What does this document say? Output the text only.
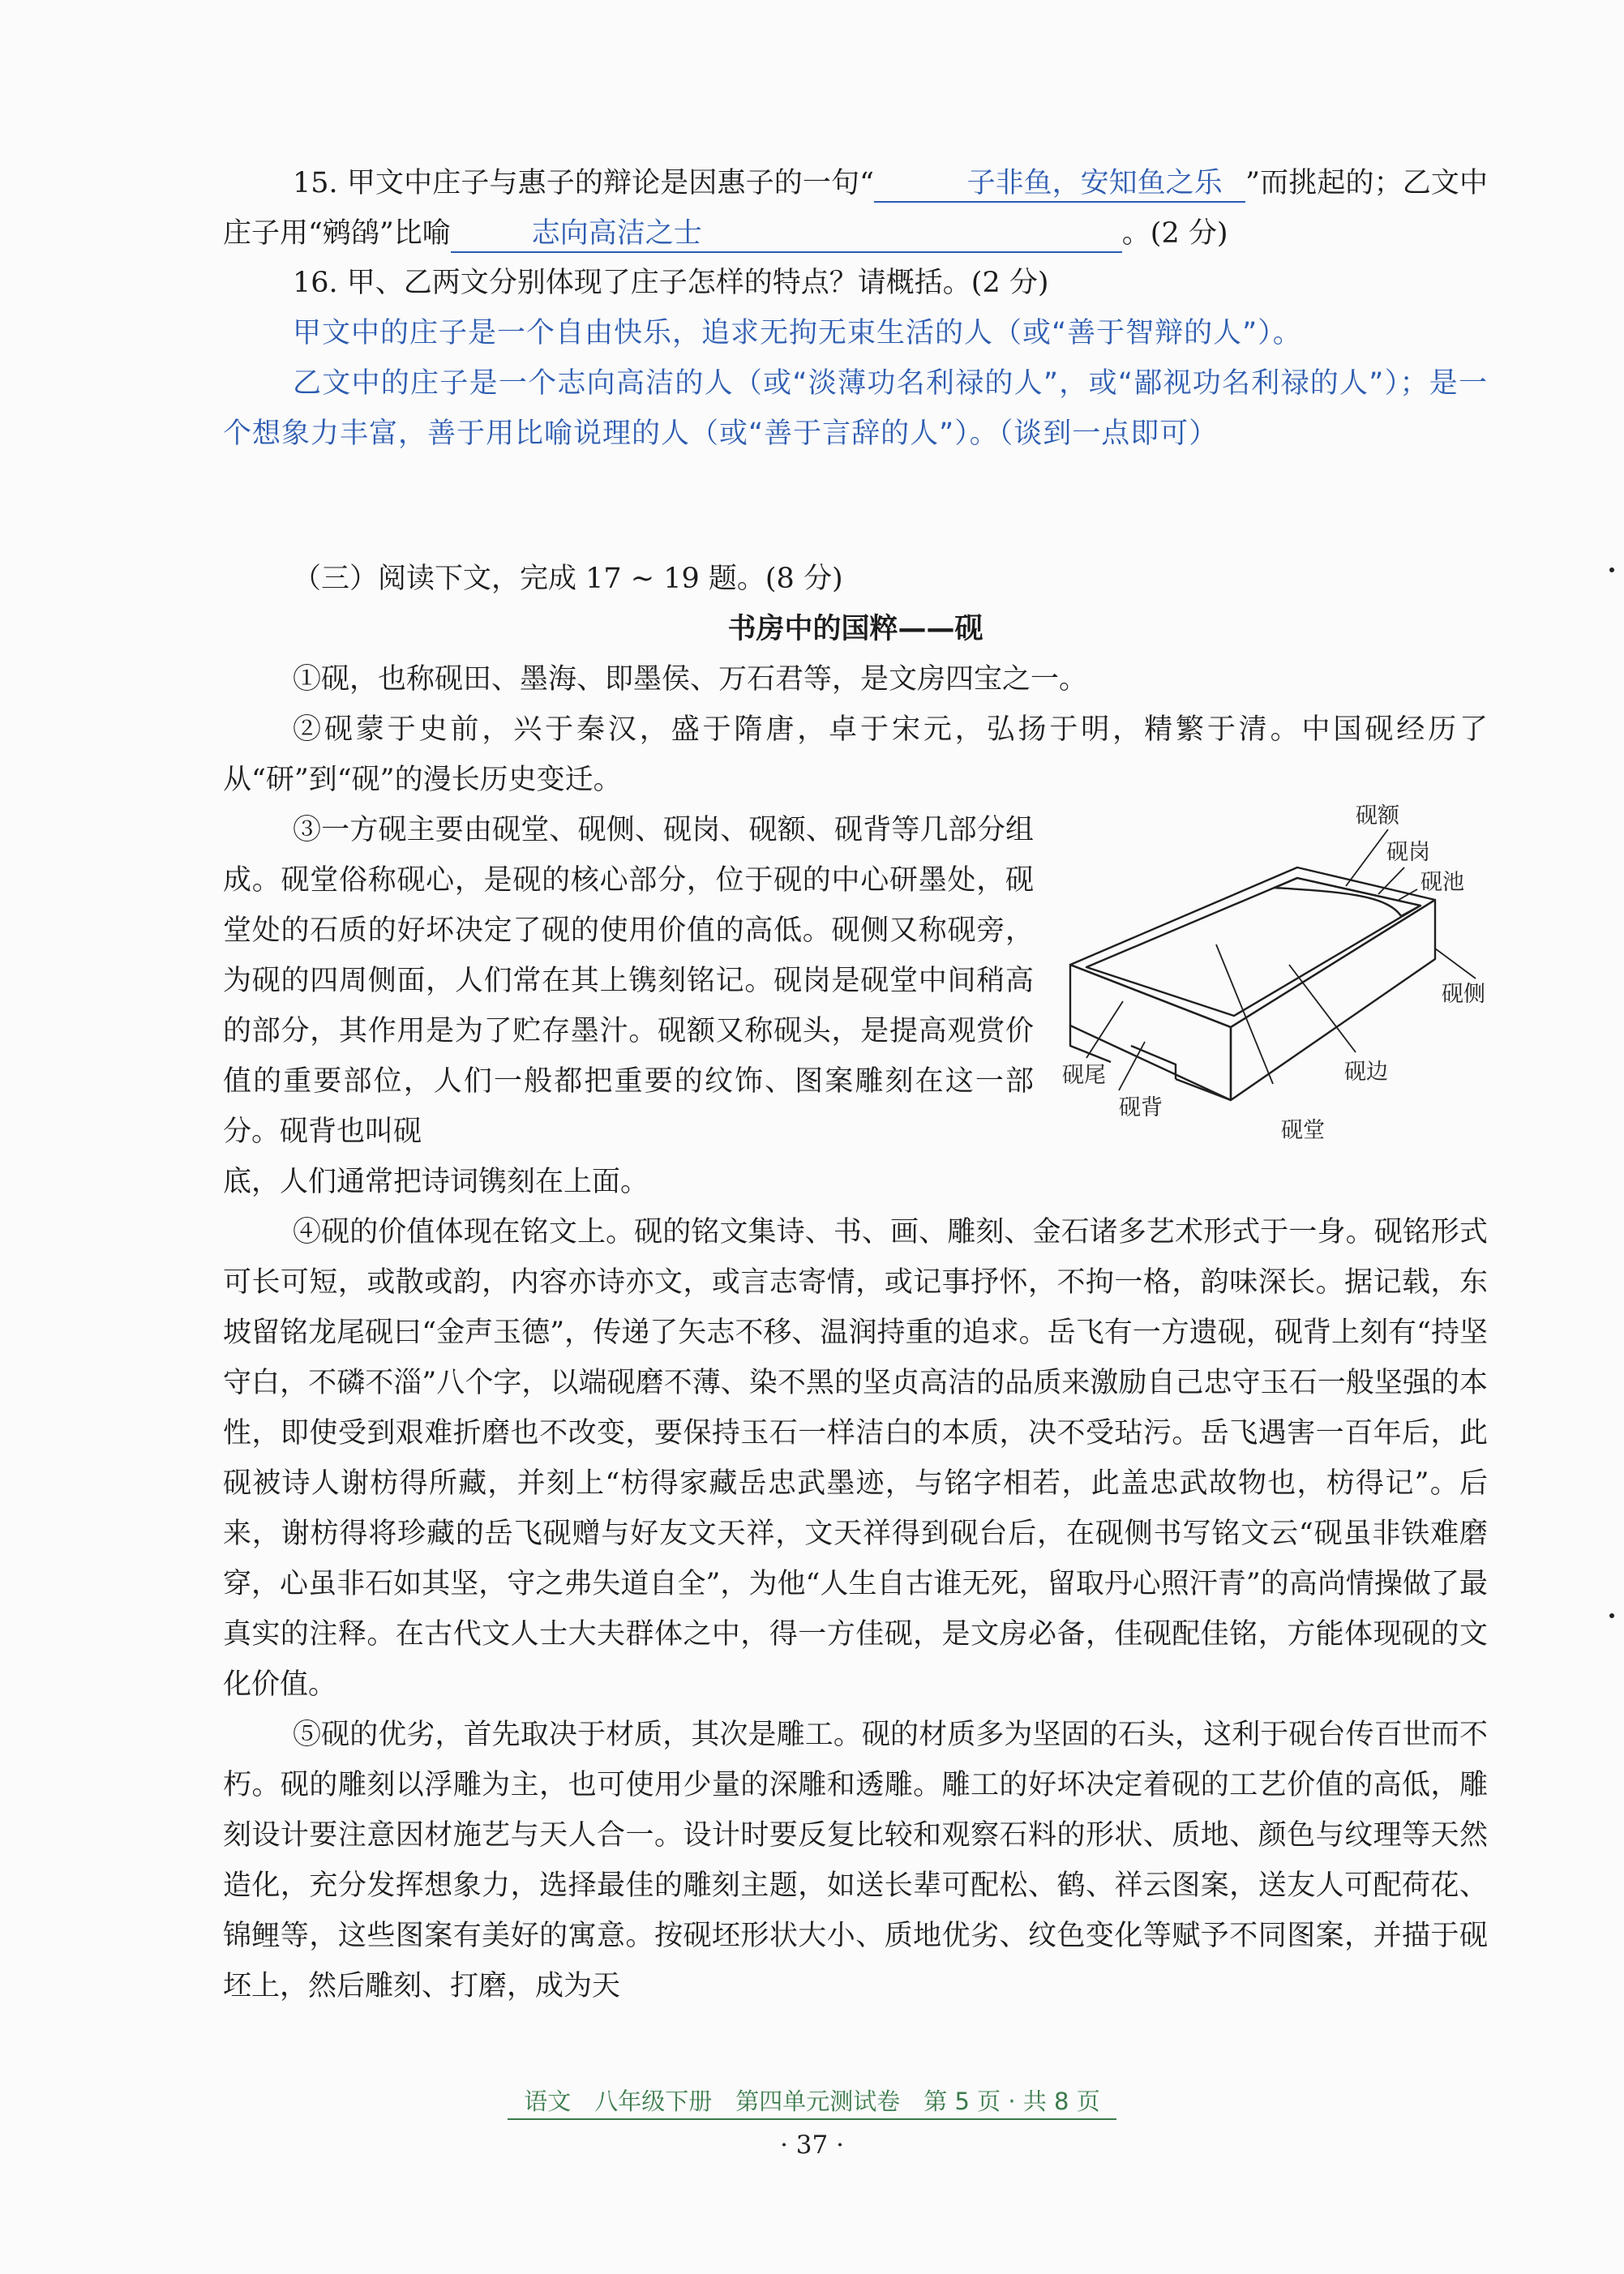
15. 甲文中庄子与惠子的辩论是因惠子的一句“	子非鱼，安知鱼之乐 ”而挑起的；乙文中庄子用“鹓鹐”比喻	志向高洁之士	。(2 分)

16. 甲、乙两文分别体现了庄子怎样的特点？请概括。(2 分)

甲文中的庄子是一个自由快乐，追求无拘无束生活的人（或“善于智辩的人”）。

乙文中的庄子是一个志向高洁的人（或“淡薄功名利禄的人”，或“鄙视功名利禄的人”）；是一个想象力丰富，善于用比喻说理的人（或“善于言辞的人”）。（谈到一点即可）

（三）阅读下文，完成 17 ~ 19 题。(8 分)

书房中的国粹——砚

①砚，也称砚田、墨海、即墨侯、万石君等，是文房四宝之一。

②砚蒙于史前，兴于秦汉，盛于隋唐，卓于宋元，弘扬于明，精繁于清。中国砚经历了从“研”到“砚”的漫长历史变迁。

③一方砚主要由砚堂、砚侧、砚岗、砚额、砚背等几部分组成。砚堂俗称砚心，是砚的核心部分，位于砚的中心研墨处，砚堂处的石质的好坏决定了砚的使用价值的高低。砚侧又称砚旁，为砚的四周侧面，人们常在其上镌刻铭记。砚岗是砚堂中间稍高的部分，其作用是为了贮存墨汁。砚额又称砚头，是提高观赏价值的重要部位，人们一般都把重要的纹饰、图案雕刻在这一部分。砚背也叫砚

底，人们通常把诗词镌刻在上面。

④砚的价值体现在铭文上。砚的铭文集诗、书、画、雕刻、金石诸多艺术形式于一身。砚铭形式可长可短，或散或韵，内容亦诗亦文，或言志寄情，或记事抒怀，不拘一格，韵味深长。据记载，东坡留铭龙尾砚曰“金声玉德”，传递了矢志不移、温润持重的追求。岳飞有一方遗砚，砚背上刻有“持坚守白，不磷不淄”八个字，以端砚磨不薄、染不黑的坚贞高洁的品质来激励自己忠守玉石一般坚强的本性，即使受到艰难折磨也不改变，要保持玉石一样洁白的本质，决不受玷污。岳飞遇害一百年后，此砚被诗人谢枋得所藏，并刻上“枋得家藏岳忠武墨迹，与铭字相若，此盖忠武故物也，枋得记”。后来，谢枋得将珍藏的岳飞砚赠与好友文天祥，文天祥得到砚台后，在砚侧书写铭文云“砚虽非铁难磨穿，心虽非石如其坚，守之弗失道自全”，为他“人生自古谁无死，留取丹心照汗青”的高尚情操做了最真实的注释。在古代文人士大夫群体之中，得一方佳砚，是文房必备，佳砚配佳铭，方能体现砚的文化价值。

⑤砚的优劣，首先取决于材质，其次是雕工。砚的材质多为坚固的石头，这利于砚台传百世而不朽。砚的雕刻以浮雕为主，也可使用少量的深雕和透雕。雕工的好坏决定着砚的工艺价值的高低，雕刻设计要注意因材施艺与天人合一。设计时要反复比较和观察石料的形状、质地、颜色与纹理等天然造化，充分发挥想象力，选择最佳的雕刻主题，如送长辈可配松、鹤、祥云图案，送友人可配荷花、锦鲤等，这些图案有美好的寓意。按砚坯形状大小、质地优劣、纹色变化等赋予不同图案，并描于砚坯上，然后雕刻、打磨，成为天

砚额
砚岗
砚池
砚侧
砚尾
砚背
砚边
砚堂
语文　八年级下册　第四单元测试卷　第 5 页 · 共 8 页
· 37 ·
